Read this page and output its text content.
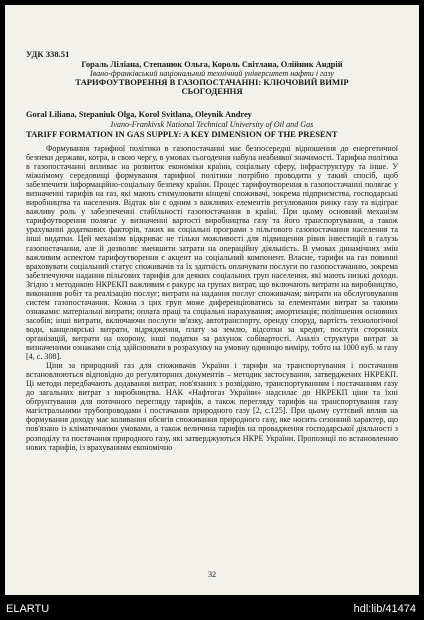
УДК 338.51
Гораль Ліліана, Степанюк Ольга, Король Світлана, Олійник Андрій
Івано-франківський національний технічний університет нафти і газу
ТАРИФОУТВОРЕННЯ В ГАЗОПОСТАЧАННІ: КЛЮЧОВИЙ ВИМІР
СЬОГОДЕННЯ
Goral Liliana, Stepaniuk Olga, Korol Svitlana, Oleynik Andrey
Ivano-Frankivsk National Technical University of Oil and Gas
TARIFF FORMATION IN GAS SUPPLY: A KEY DIMENSION OF THE PRESENT

Формування тарифної політики в газопостачанні має безпосередні відношення до енергетичної безпеки держави, котра, в свою чергу, в умовах сьогодення набула неабиякої значимості. Тарифна політика в газопостачанні впливає на розвиток економіки країни, соціальну сферу, інфраструктуру та інше. У міжнімому середовищі формування тарифної політики потрібно проводити у такий спосіб, щоб забезпечити інформаційно-соціальну безпеку країни. Процес тарифоутворення в газопостачанні полягає у визначенні тарифів на газ, які мають стимулювати кінцеві споживачі, зокрема підприємства, господарські виробництва та населення. Відтак він є одним з важливих елементів регулювання ринку газу та відіграє важливу роль у забезпеченні стабільності газопостачання в країні. При цьому основний механізм тарифоутворення полягає у визначенні вартості виробництва газу та його транспортування, а також урахуванні додаткових факторів, таких як соціальні програми з пільгового газопостачання населення та інші видатки. Цей механізм відкриває не тільки можливості для підвищення рівня інвестицій в галузь газопостачання, але й дозволяє зменшити затрати на операційну діяльність. В умовах динамічних змін важливим аспектом тарифоутворення є акцент на соціальний компонент. Власне, тарифи на газ повинні враховувати соціальний статус споживачів та їх здатність оплачувати послуги по газопостачанню, зокрема забезпечуючи надання пільгових тарифів для деяких соціальних груп населення, які мають низькі доходи. Згідно з методикою НКРЕКП важливим є ракурс на групах витрат, що включають витрати на виробництво, виконання робіт та реалізацію послуг; витрати на надання послуг споживачам; витрати на обслуговування систем газопостачання. Кожна з цих груп може диференціюватись за елементами витрат за такими ознаками: матеріальні витрати; оплата праці та соціальні нарахування; амортизація; поліпшення основних засобів; інші витрати, включаючи послуги зв'язку, автотранспорту, оренду споруд, вартість технологічної води, канцелярські витрати, відрядження, плату за землю, відсотки за кредит, послуги сторонніх організацій, витрати на охорону, інші податки за рахунок собівартості. Аналіз структури витрат за визначеними ознаками слід здійснювати в розрахунку на умовну одиницю виміру, тобто на 1000 куб. м газу [4, с. 308].

Ціни за природний газ для споживачів України і тарифи на транспортування і постачання встановлюються відповідно до регуляторних документів – методик застосування, затверджених НКРЕКП. Ці методи передбачають додавання витрат, пов'язаних з розвідкою, транспортуванням і постачанням газу до загальних витрат з виробництва. НАК «Нафтогаз України» надсилає до НКРЕКП ціни та їхні обґрунтування для поточного перегляду тарифів, а також перегляду тарифів на транспортування газу магістральними трубопроводами і постачання природного газу [2, с.125]. При цьому суттєвий вплив на формування доходу має коливання обсягів споживання природного газу, яке носить сезонний характер, що пов'язано із кліматичними умовами, а також величина тарифів на провадження господарської діяльності з розподілу та постачання природного газу, які затверджуються НКРЕ України. Пропозиції по встановленню нових тарифів, із врахуванням економічно

32
ELARTU	hdl:lib/41474
